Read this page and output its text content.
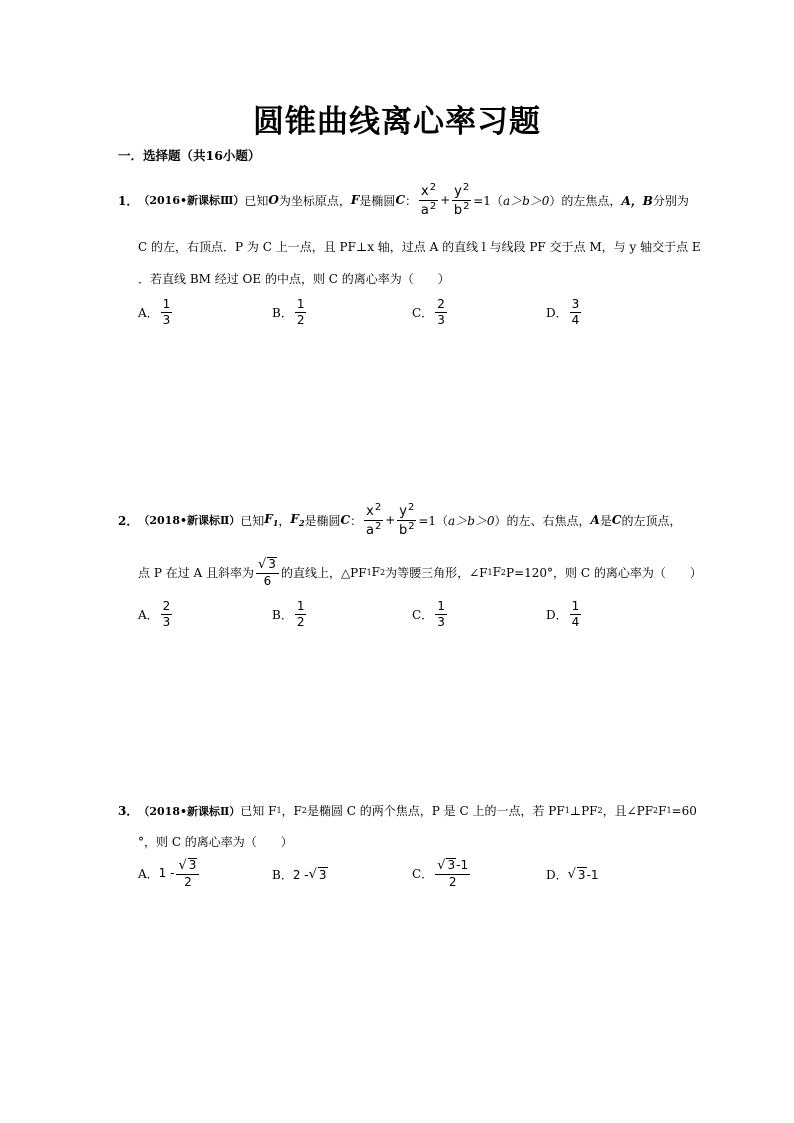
圆锥曲线离心率习题
一．选择题（共16小题）
1． （2016•新课标Ⅲ） 已知 O 为坐标原点， F 是椭圆 C ： $\frac{x^2}{a^2} + \frac{y^2}{b^2} =1$（ a＞b＞0 ）的左焦点， A，B 分别为
C 的左，右顶点．P 为 C 上一点，且 PF⊥x 轴，过点 A 的直线 l 与线段 PF 交于点 M，与 y 轴交于点 E
．若直线 BM 经过 OE 的中点，则 C 的离心率为（　　）
A． $\frac{1}{3}$	B． $\frac{1}{2}$	C． $\frac{2}{3}$	D． $\frac{3}{4}$
2． （2018•新课标Ⅱ） 已知 $F_1$ ， $F_2$ 是椭圆 C ： $\frac{x^2}{a^2} + \frac{y^2}{b^2} =1$（ a＞b＞0 ）的左、右焦点， A 是 C 的左顶点，
点 P 在过 A 且斜率为 $\frac{√ 3}{6}$ 的直线上，△PF 1 F 2 为等腰三角形，∠F 1 F 2 P=120°，则 C 的离心率为（　　）
A． $\frac{2}{3}$	B． $\frac{1}{2}$	C． $\frac{1}{3}$	D． $\frac{1}{4}$
3． （2018•新课标Ⅱ） 已知 F 1 ，F 2 是椭圆 C 的两个焦点，P 是 C 上的一点，若 PF 1 ⊥PF 2 ，且∠PF 2 F 1 =60
°，则 C 的离心率为（　　）
A． $1 - \frac{√ 3}{2}$	B． 2 - √ 3	C． $\frac{√ 3-1}{2}$	D． √ 3 -1
